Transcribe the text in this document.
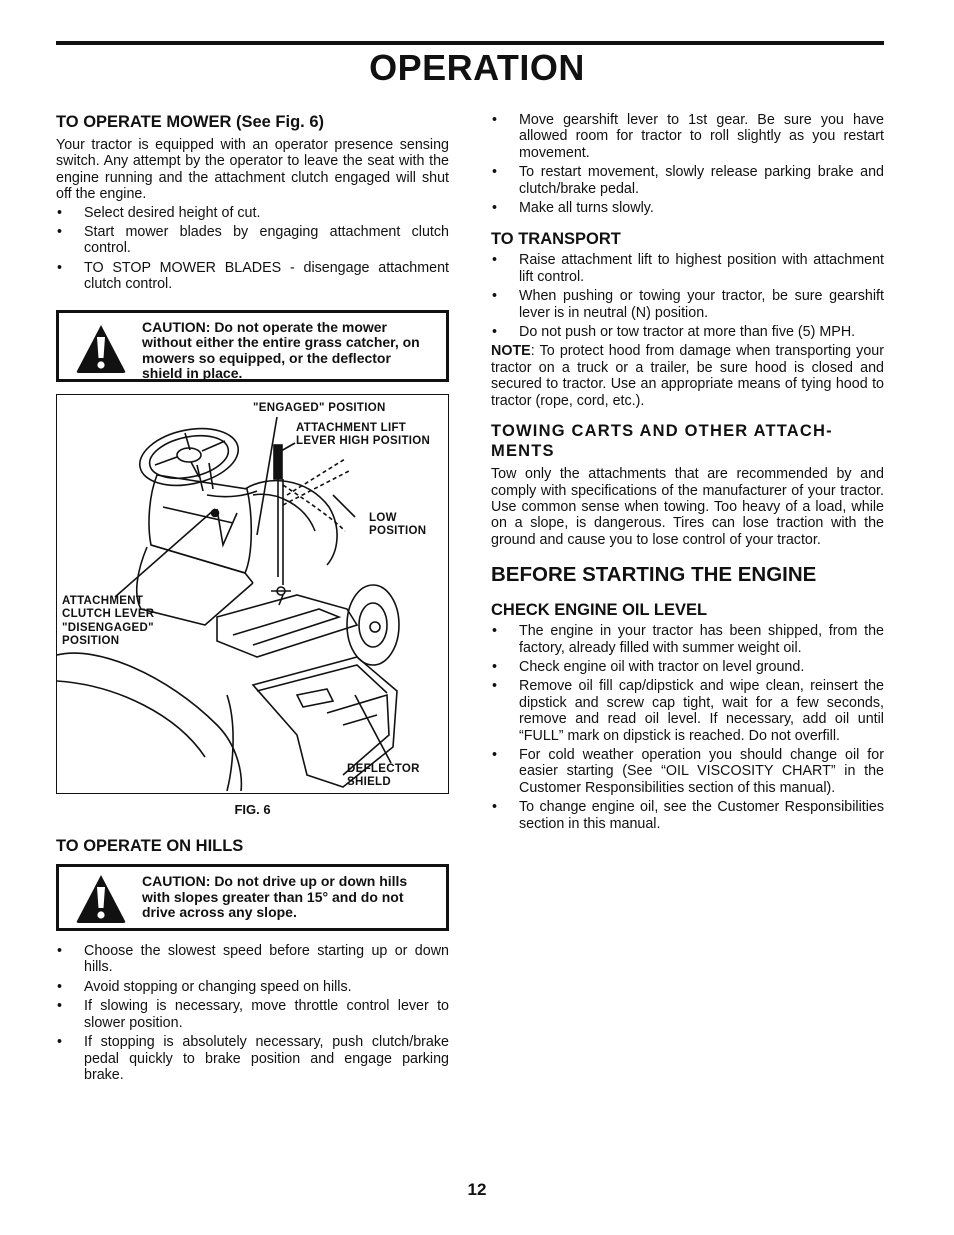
OPERATION
TO OPERATE MOWER (See Fig. 6)

Your tractor is equipped with an operator presence sensing switch. Any attempt by the operator to leave the seat with the engine running and the attachment clutch engaged will shut off the engine.

• Select desired height of cut.
• Start mower blades by engaging attachment clutch control.
• TO STOP MOWER BLADES - disengage attachment clutch control.
CAUTION: Do not operate the mower without either the entire grass catcher, on mowers so equipped, or the deflector shield in place.
"ENGAGED" POSITION
ATTACHMENT LIFT
LEVER HIGH POSITION
LOW
POSITION
ATTACHMENT
CLUTCH LEVER
"DISENGAGED"
POSITION
DEFLECTOR
SHIELD
FIG. 6
TO OPERATE ON HILLS
CAUTION: Do not drive up or down hills with slopes greater than 15° and do not drive across any slope.
• Choose the slowest speed before starting up or down hills.
• Avoid stopping or changing speed on hills.
• If slowing is necessary, move throttle control lever to slower position.
• If stopping is absolutely necessary, push clutch/brake pedal quickly to brake position and engage parking brake.
• Move gearshift lever to 1st gear. Be sure you have allowed room for tractor to roll slightly as you restart movement.
• To restart movement, slowly release parking brake and clutch/brake pedal.
• Make all turns slowly.
TO TRANSPORT
• Raise attachment lift to highest position with attachment lift control.
• When pushing or towing your tractor, be sure gearshift lever is in neutral (N) position.
• Do not push or tow tractor at more than five (5) MPH.

NOTE: To protect hood from damage when transporting your tractor on a truck or a trailer, be sure hood is closed and secured to tractor. Use an appropriate means of tying hood to tractor (rope, cord, etc.).

TOWING CARTS AND OTHER ATTACH-MENTS

Tow only the attachments that are recommended by and comply with specifications of the manufacturer of your tractor. Use common sense when towing. Too heavy of a load, while on a slope, is dangerous. Tires can lose traction with the ground and cause you to lose control of your tractor.

BEFORE STARTING THE ENGINE
CHECK ENGINE OIL LEVEL
• The engine in your tractor has been shipped, from the factory, already filled with summer weight oil.
• Check engine oil with tractor on level ground.
• Remove oil fill cap/dipstick and wipe clean, reinsert the dipstick and screw cap tight, wait for a few seconds, remove and read oil level. If necessary, add oil until “FULL” mark on dipstick is reached. Do not overfill.
• For cold weather operation you should change oil for easier starting (See “OIL VISCOSITY CHART” in the Customer Responsibilities section of this manual).
• To change engine oil, see the Customer Responsibilities section in this manual.
12
